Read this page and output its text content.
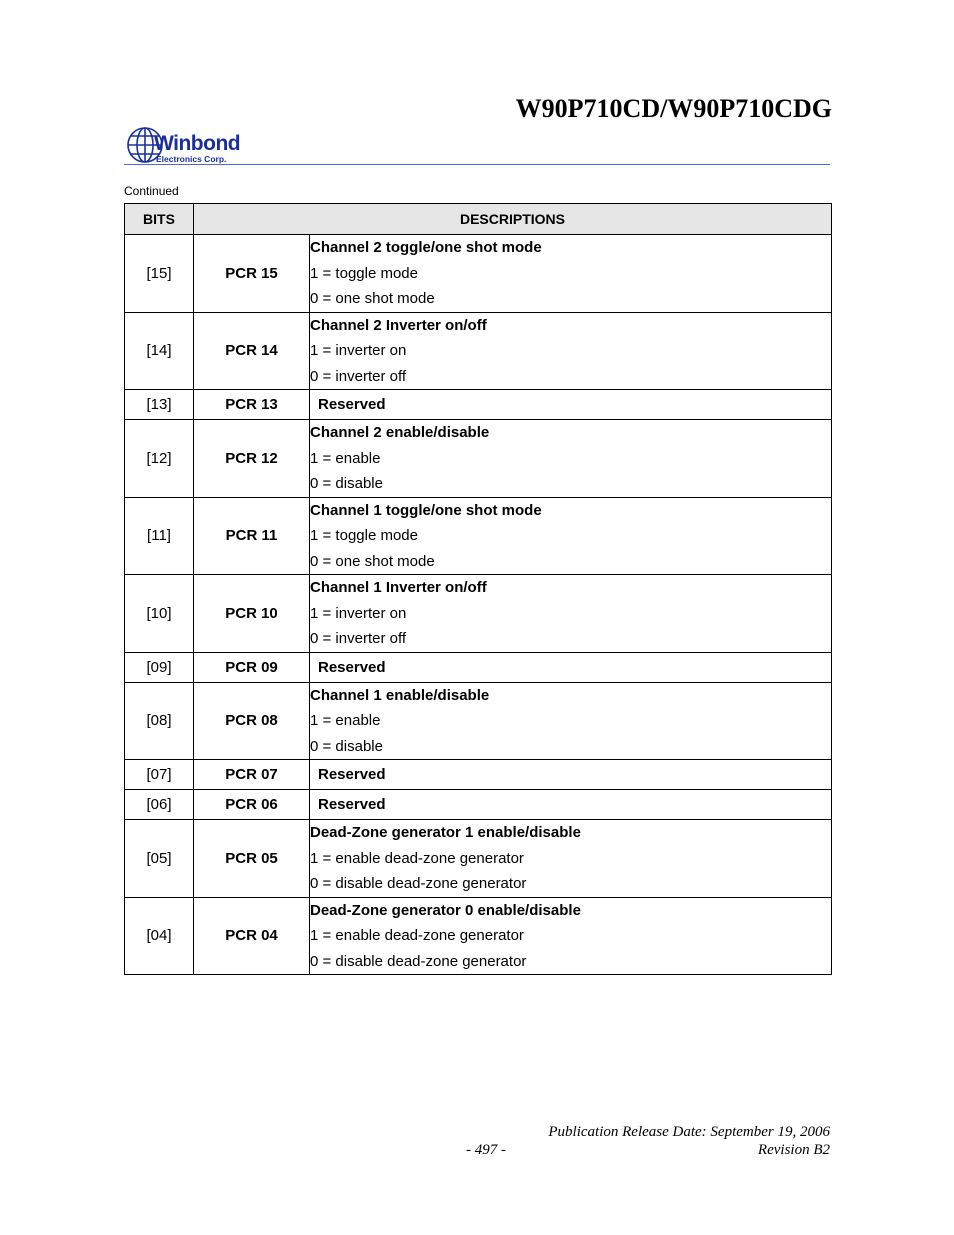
W90P710CD/W90P710CDG
Winbond
Electronics Corp.
Continued
BITS	DESCRIPTIONS	
[15]	PCR 15	Channel 2 toggle/one shot mode
1 = toggle mode
0 = one shot mode

[14]	PCR 14	Channel 2 Inverter on/off
1 = inverter on
0 = inverter off

[13]	PCR 13	Reserved

[12]	PCR 12	Channel 2 enable/disable
1 = enable
0 = disable

[11]	PCR 11	Channel 1 toggle/one shot mode
1 = toggle mode
0 = one shot mode

[10]	PCR 10	Channel 1 Inverter on/off
1 = inverter on
0 = inverter off

[09]	PCR 09	Reserved

[08]	PCR 08	Channel 1 enable/disable
1 = enable
0 = disable

[07]	PCR 07	Reserved

[06]	PCR 06	Reserved

[05]	PCR 05	Dead-Zone generator 1 enable/disable
1 = enable dead-zone generator
0 = disable dead-zone generator

[04]	PCR 04	Dead-Zone generator 0 enable/disable
1 = enable dead-zone generator
0 = disable dead-zone generator
Publication Release Date: September 19, 2006
- 497 -	Revision B2
